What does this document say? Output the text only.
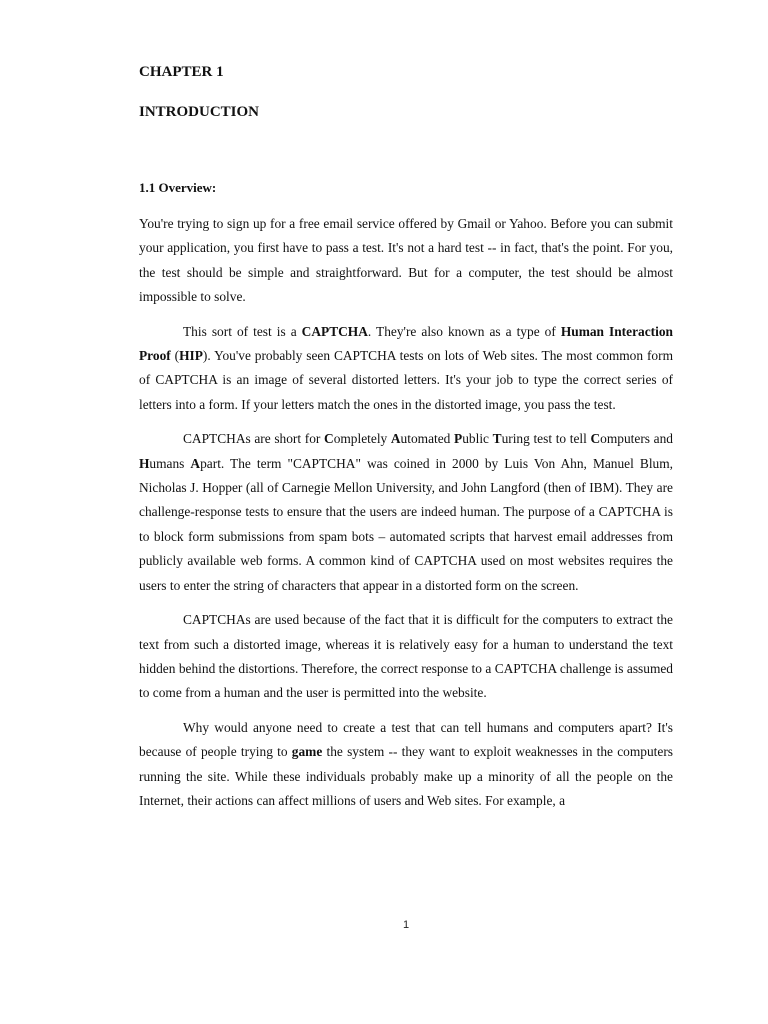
CHAPTER 1
INTRODUCTION
1.1 Overview:

You're trying to sign up for a free email service offered by Gmail or Yahoo. Before you can submit your application, you first have to pass a test. It's not a hard test -- in fact, that's the point. For you, the test should be simple and straightforward. But for a computer, the test should be almost impossible to solve.

This sort of test is a CAPTCHA. They're also known as a type of Human Interaction Proof (HIP). You've probably seen CAPTCHA tests on lots of Web sites. The most common form of CAPTCHA is an image of several distorted letters. It's your job to type the correct series of letters into a form. If your letters match the ones in the distorted image, you pass the test.

CAPTCHAs are short for Completely Automated Public Turing test to tell Computers and Humans Apart. The term "CAPTCHA" was coined in 2000 by Luis Von Ahn, Manuel Blum, Nicholas J. Hopper (all of Carnegie Mellon University, and John Langford (then of IBM). They are challenge-response tests to ensure that the users are indeed human. The purpose of a CAPTCHA is to block form submissions from spam bots – automated scripts that harvest email addresses from publicly available web forms. A common kind of CAPTCHA used on most websites requires the users to enter the string of characters that appear in a distorted form on the screen.

CAPTCHAs are used because of the fact that it is difficult for the computers to extract the text from such a distorted image, whereas it is relatively easy for a human to understand the text hidden behind the distortions. Therefore, the correct response to a CAPTCHA challenge is assumed to come from a human and the user is permitted into the website.

Why would anyone need to create a test that can tell humans and computers apart? It's because of people trying to game the system -- they want to exploit weaknesses in the computers running the site. While these individuals probably make up a minority of all the people on the Internet, their actions can affect millions of users and Web sites. For example, a

1
